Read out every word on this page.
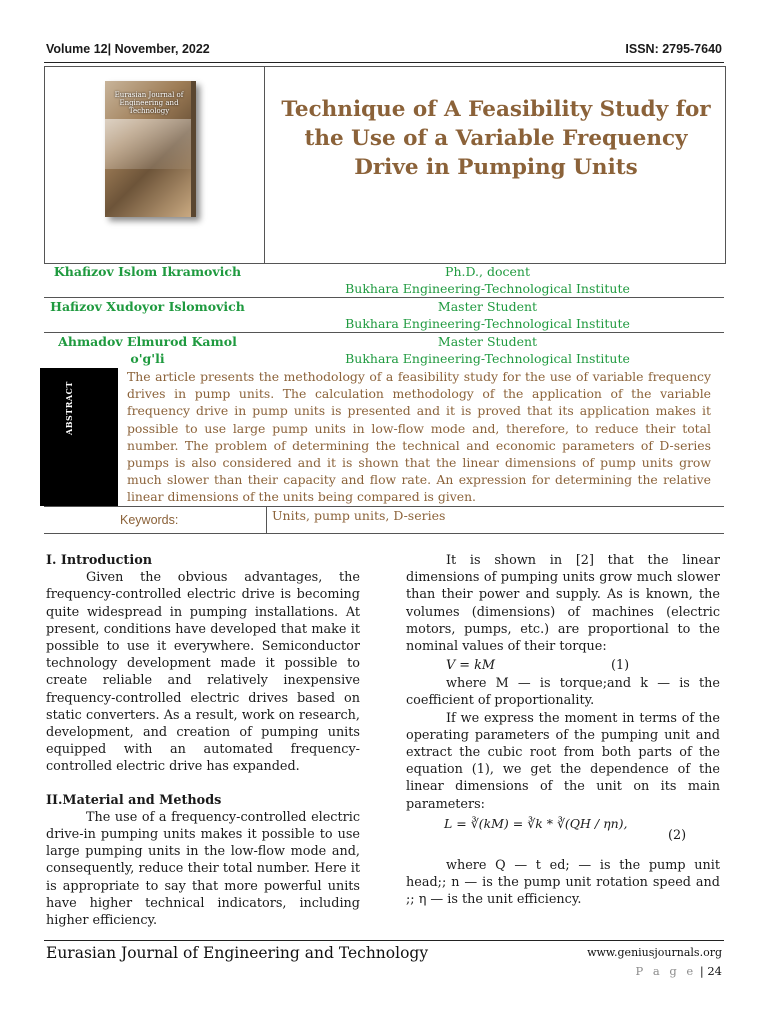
Volume 12| November, 2022	ISSN: 2795-7640
Eurasian Journal of Engineering and Technology	Technique of A Feasibility Study for the Use of a Variable Frequency Drive in Pumping Units
Khafizov Islom Ikramovich	Ph.D., docent
	Bukhara Engineering-Technological Institute
Hafizov Xudoyor Islomovich	Master Student
	Bukhara Engineering-Technological Institute
Ahmadov Elmurod Kamol o'g'li	Master Student
	Bukhara Engineering-Technological Institute
ABSTRACT
The article presents the methodology of a feasibility study for the use of variable frequency drives in pump units. The calculation methodology of the application of the variable frequency drive in pump units is presented and it is proved that its application makes it possible to use large pump units in low-flow mode and, therefore, to reduce their total number. The problem of determining the technical and economic parameters of D-series pumps is also considered and it is shown that the linear dimensions of pump units grow much slower than their capacity and flow rate. An expression for determining the relative linear dimensions of the units being compared is given.
Keywords:	Units, pump units, D-series
I. Introduction

Given the obvious advantages, the frequency-controlled electric drive is becoming quite widespread in pumping installations. At present, conditions have developed that make it possible to use it everywhere. Semiconductor technology development made it possible to create reliable and relatively inexpensive frequency-controlled electric drives based on static converters. As a result, work on research, development, and creation of pumping units equipped with an automated frequency-controlled electric drive has expanded.

II.Material and Methods

The use of a frequency-controlled electric drive-in pumping units makes it possible to use large pumping units in the low-flow mode and, consequently, reduce their total number. Here it is appropriate to say that more powerful units have higher technical indicators, including higher efficiency.

It is shown in [2] that the linear dimensions of pumping units grow much slower than their power and supply. As is known, the volumes (dimensions) of machines (electric motors, pumps, etc.) are proportional to the nominal values of their torque:

V = kM	(1)

where M — is torque;and k — is the coefficient of proportionality.

If we express the moment in terms of the operating parameters of the pumping unit and extract the cubic root from both parts of the equation (1), we get the dependence of the linear dimensions of the unit on its main parameters:

L = ∛(kM) = ∛k * ∛(QH / ηn),
(2)

where Q — t ed; — is the pump unit head;; n — is the pump unit rotation speed and ;; η — is the unit efficiency.

Eurasian Journal of Engineering and Technology	www.geniusjournals.org
P a g e | 24
